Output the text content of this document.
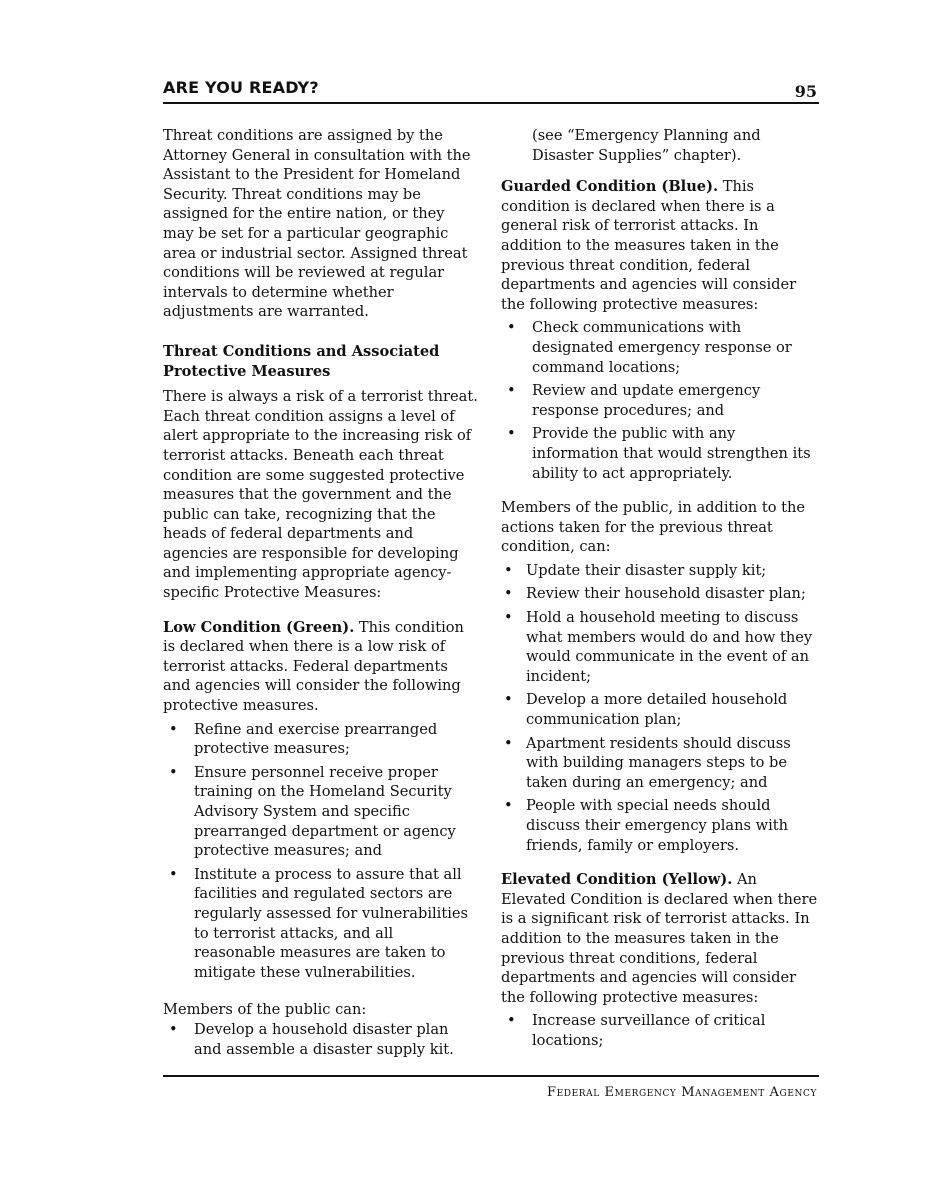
ARE YOU READY?	95

Threat conditions are assigned by the Attorney General in consultation with the Assistant to the President for Homeland Security. Threat conditions may be assigned for the entire nation, or they may be set for a particular geographic area or industrial sector. Assigned threat conditions will be reviewed at regular intervals to determine whether adjustments are warranted.

Threat Conditions and Associated Protective Measures

There is always a risk of a terrorist threat. Each threat condition assigns a level of alert appropriate to the increasing risk of terrorist attacks. Beneath each threat condition are some suggested protective measures that the government and the public can take, recognizing that the heads of federal departments and agencies are responsible for developing and implementing appropriate agency-specific Protective Measures:

Low Condition (Green). This condition is declared when there is a low risk of terrorist attacks. Federal departments and agencies will consider the following protective measures.

• Refine and exercise prearranged protective measures;
• Ensure personnel receive proper training on the Homeland Security Advisory System and specific prearranged department or agency protective measures; and
• Institute a process to assure that all facilities and regulated sectors are regularly assessed for vulnerabilities to terrorist attacks, and all reasonable measures are taken to mitigate these vulnerabilities.

Members of the public can:

• Develop a household disaster plan and assemble a disaster supply kit.
(see “Emergency Planning and Disaster Supplies” chapter).

Guarded Condition (Blue). This condition is declared when there is a general risk of terrorist attacks. In addition to the measures taken in the previous threat condition, federal departments and agencies will consider the following protective measures:

• Check communications with designated emergency response or command locations;
• Review and update emergency response procedures; and
• Provide the public with any information that would strengthen its ability to act appropriately.

Members of the public, in addition to the actions taken for the previous threat condition, can:

• Update their disaster supply kit;
• Review their household disaster plan;
• Hold a household meeting to discuss what members would do and how they would communicate in the event of an incident;
• Develop a more detailed household communication plan;
• Apartment residents should discuss with building managers steps to be taken during an emergency; and
• People with special needs should discuss their emergency plans with friends, family or employers.

Elevated Condition (Yellow). An Elevated Condition is declared when there is a significant risk of terrorist attacks. In addition to the measures taken in the previous threat conditions, federal departments and agencies will consider the following protective measures:

• Increase surveillance of critical locations;
Federal Emergency Management Agency
